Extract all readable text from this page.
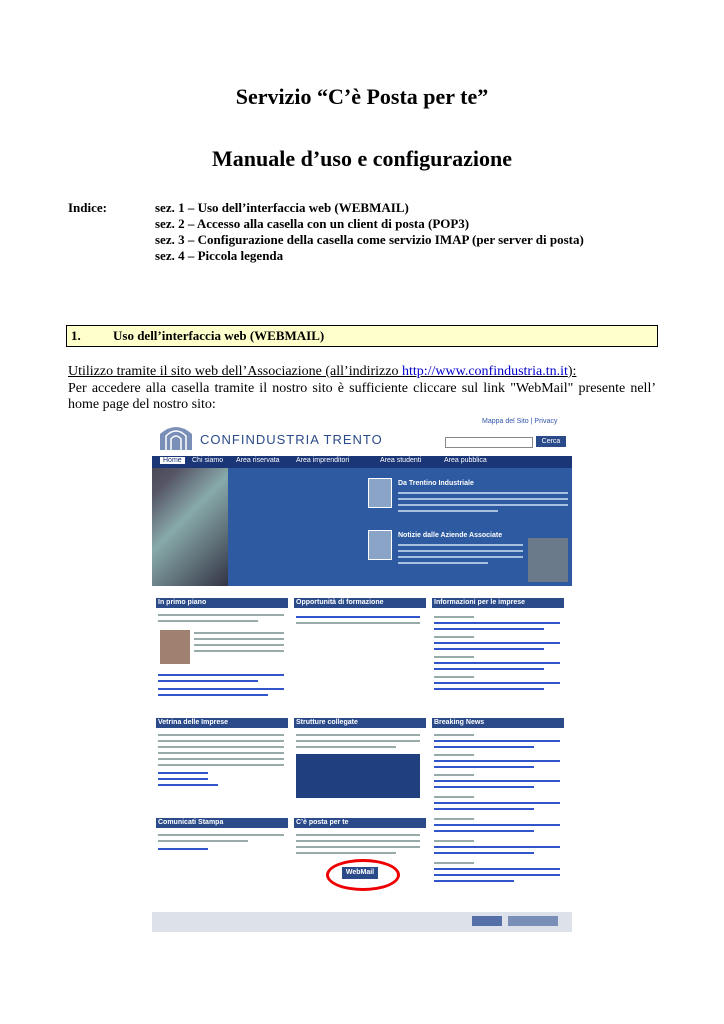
Servizio “C’è Posta per te”
Manuale d’uso e configurazione
Indice:	sez. 1 – Uso dell’interfaccia web (WEBMAIL)
sez. 2 – Accesso alla casella con un client di posta (POP3)
sez. 3 – Configurazione della casella come servizio IMAP (per server di posta)
sez. 4 – Piccola legenda
1. Uso dell’interfaccia web (WEBMAIL)
Utilizzo tramite il sito web dell’Associazione (all’indirizzo http://www.confindustria.tn.it):
Per accedere alla casella tramite il nostro sito è sufficiente cliccare sul link "WebMail" presente nell’ home page del nostro sito:
CONFINDUSTRIA TRENTO
Mappa del Sito | Privacy
Cerca
Home	Chi siamo Area riservata Area imprenditori	Area studenti	Area pubblica
Da Trentino Industriale
Notizie dalle Aziende Associate
In primo piano	Opportunità di formazione	Informazioni per le imprese
Vetrina delle Imprese	Strutture collegate	Breaking News
Comunicati Stampa	C’è posta per te
WebMail
